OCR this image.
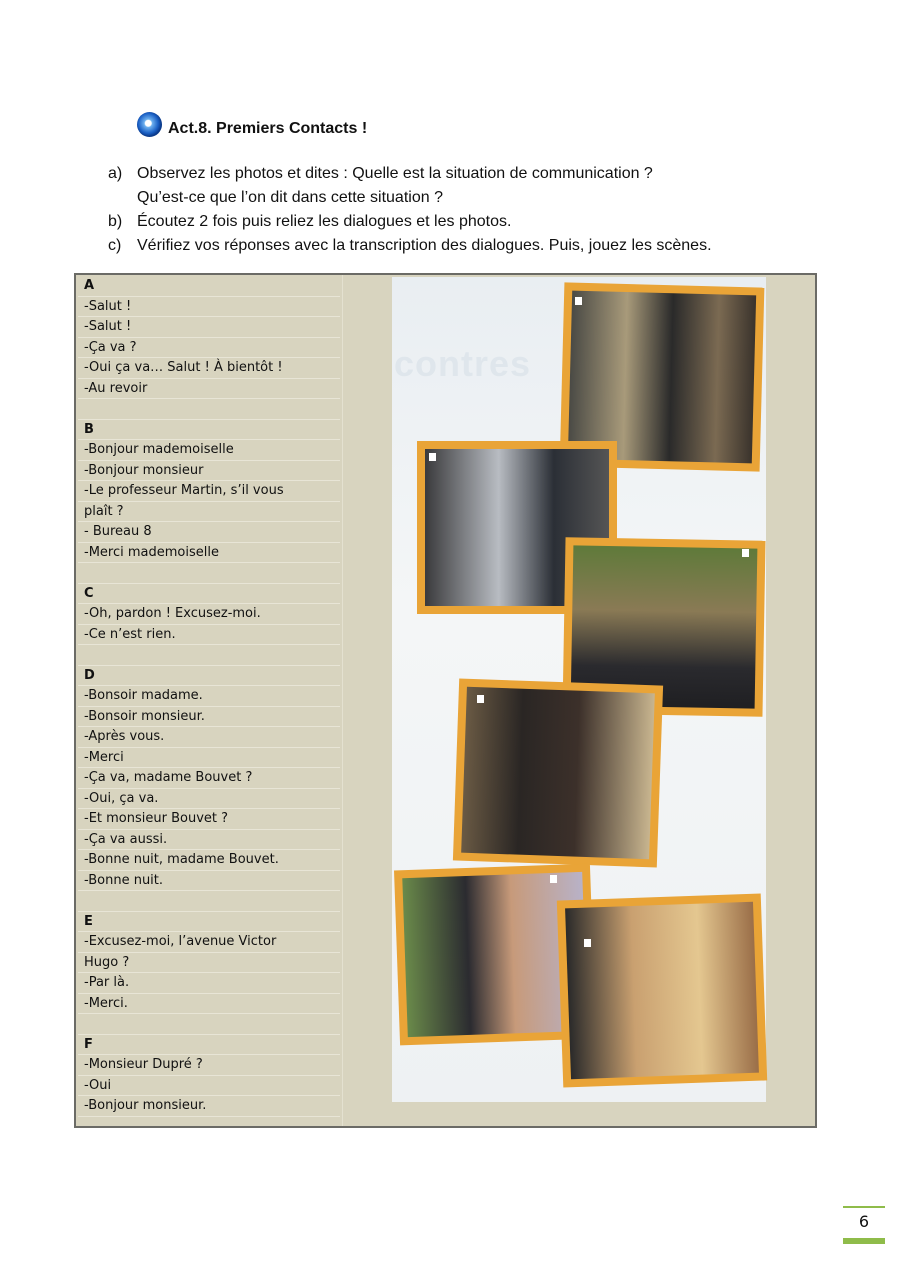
Act.8. Premiers Contacts !
a) Observez les photos et dites : Quelle est la situation de communication ?
Qu’est-ce que l’on dit dans cette situation ?
b) Écoutez 2 fois puis reliez les dialogues et les photos.
c) Vérifiez vos réponses avec la transcription des dialogues. Puis, jouez les scènes.
A
-Salut !
-Salut !
-Ça va ?
-Oui ça va… Salut ! À bientôt !
-Au revoir
B
-Bonjour mademoiselle
-Bonjour monsieur
-Le professeur Martin, s’il vous
plaît ?
- Bureau 8
-Merci mademoiselle
C
-Oh, pardon ! Excusez-moi.
-Ce n’est rien.
D
-Bonsoir madame.
-Bonsoir monsieur.
-Après vous.
-Merci
-Ça va, madame Bouvet ?
-Oui, ça va.
-Et monsieur Bouvet ?
-Ça va aussi.
-Bonne nuit, madame Bouvet.
-Bonne nuit.
E
-Excusez-moi, l’avenue Victor
Hugo ?
-Par là.
-Merci.
F
-Monsieur Dupré ?
-Oui
-Bonjour monsieur.
contres
6
